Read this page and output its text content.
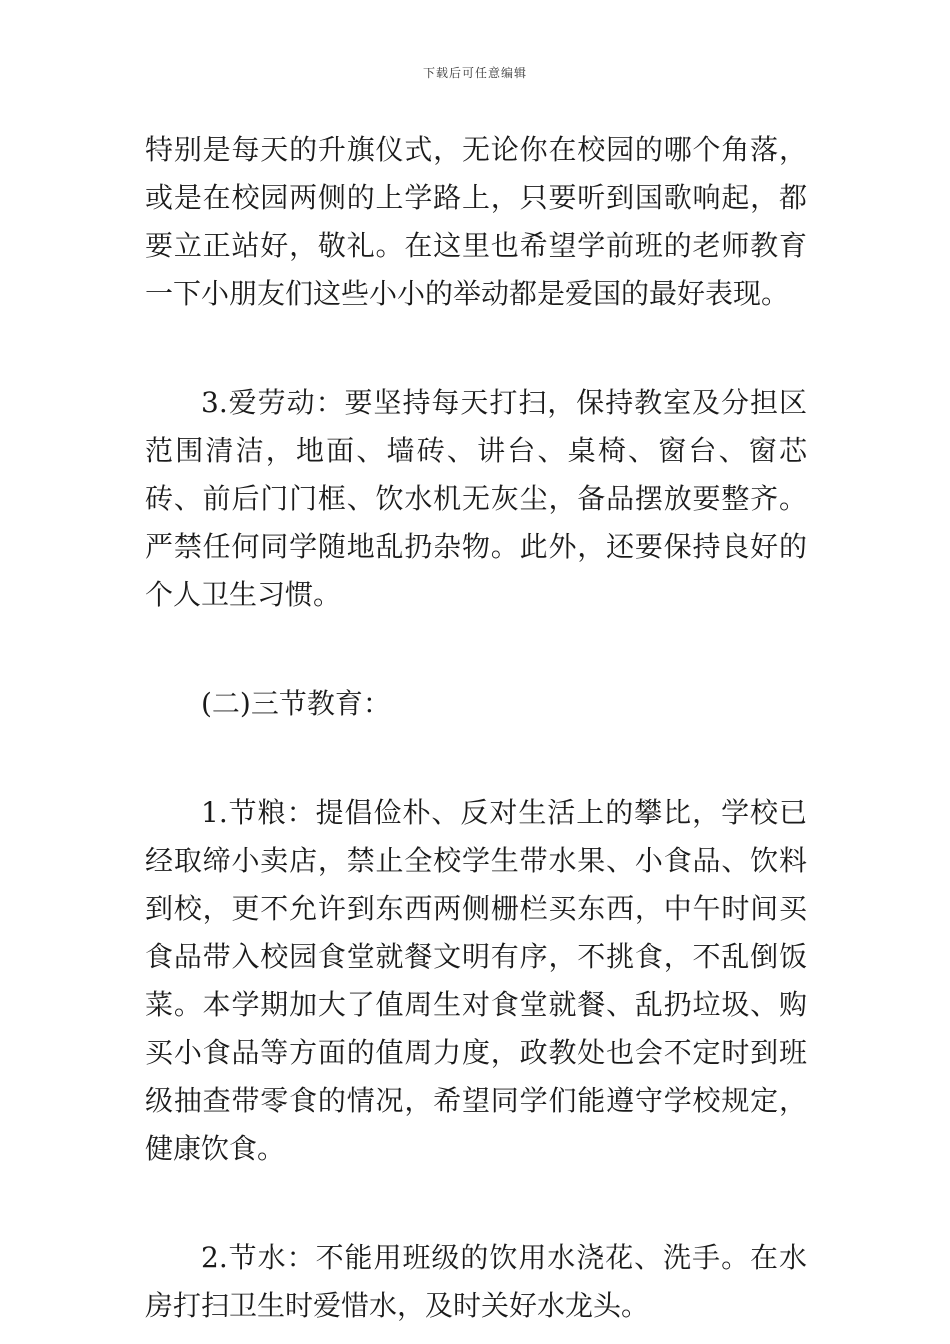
下载后可任意编辑

特别是每天的升旗仪式，无论你在校园的哪个角落，或是在校园两侧的上学路上，只要听到国歌响起，都要立正站好，敬礼。在这里也希望学前班的老师教育一下小朋友们这些小小的举动都是爱国的最好表现。

3.爱劳动：要坚持每天打扫，保持教室及分担区范围清洁，地面、墙砖、讲台、桌椅、窗台、窗芯砖、前后门门框、饮水机无灰尘，备品摆放要整齐。严禁任何同学随地乱扔杂物。此外，还要保持良好的个人卫生习惯。

(二)三节教育：

1.节粮：提倡俭朴、反对生活上的攀比，学校已经取缔小卖店，禁止全校学生带水果、小食品、饮料到校，更不允许到东西两侧栅栏买东西，中午时间买食品带入校园食堂就餐文明有序，不挑食，不乱倒饭菜。本学期加大了值周生对食堂就餐、乱扔垃圾、购买小食品等方面的值周力度，政教处也会不定时到班级抽查带零食的情况，希望同学们能遵守学校规定，健康饮食。

2.节水：不能用班级的饮用水浇花、洗手。在水房打扫卫生时爱惜水，及时关好水龙头。
